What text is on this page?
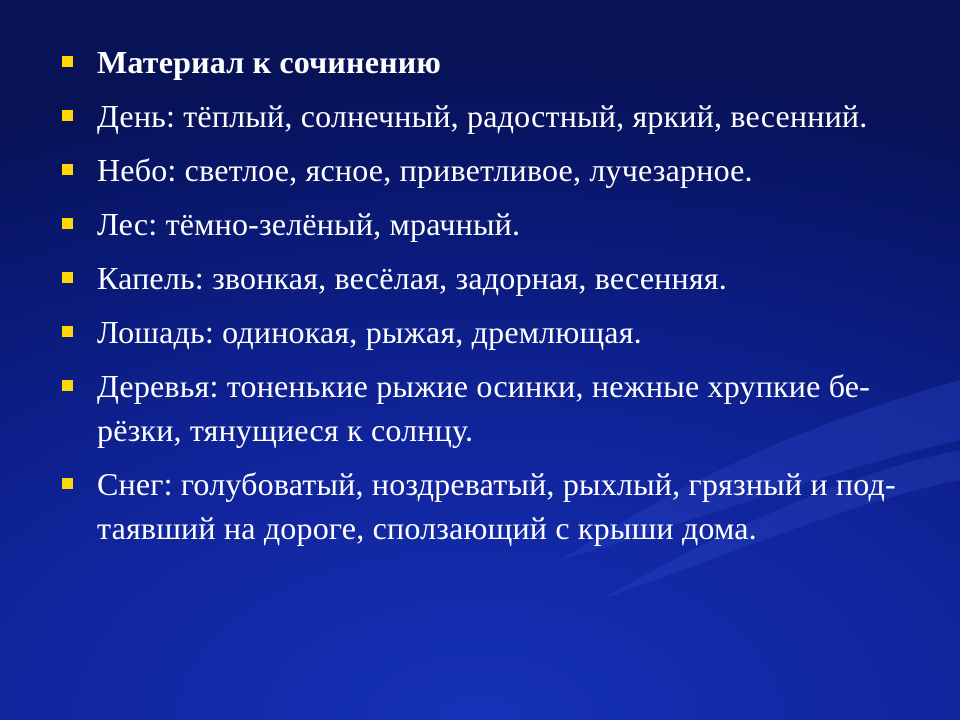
Материал к сочинению
День: тёплый, солнечный, радостный, яркий, весенний.
Небо: светлое, ясное, приветливое, лучезарное.
Лес: тёмно-зелёный, мрачный.
Капель: звонкая, весёлая, задорная, весенняя.
Лошадь: одинокая, рыжая, дремлющая.
Деревья: тоненькие рыжие осинки, нежные хрупкие бе-рёзки, тянущиеся к солнцу.
Снег: голубоватый, ноздреватый, рыхлый, грязный и под-таявший на дороге, сползающий с крыши дома.
